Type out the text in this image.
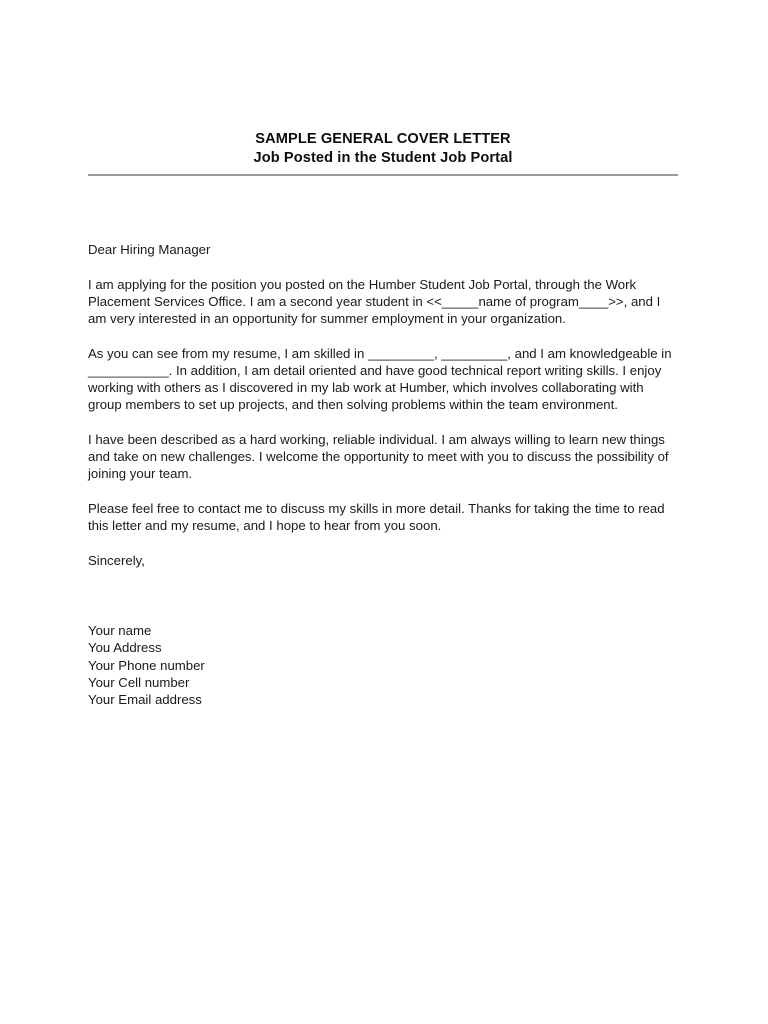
SAMPLE GENERAL COVER LETTER
Job Posted in the Student Job Portal

Dear Hiring Manager

I am applying for the position you posted on the Humber Student Job Portal, through the Work Placement Services Office. I am a second year student in <<_____name of program____>>, and I am very interested in an opportunity for summer employment in your organization.

As you can see from my resume, I am skilled in _________, _________, and I am knowledgeable in ___________. In addition, I am detail oriented and have good technical report writing skills. I enjoy working with others as I discovered in my lab work at Humber, which involves collaborating with group members to set up projects, and then solving problems within the team environment.

I have been described as a hard working, reliable individual. I am always willing to learn new things and take on new challenges. I welcome the opportunity to meet with you to discuss the possibility of joining your team.

Please feel free to contact me to discuss my skills in more detail. Thanks for taking the time to read this letter and my resume, and I hope to hear from you soon.

Sincerely,

Your name
You Address
Your Phone number
Your Cell number
Your Email address
